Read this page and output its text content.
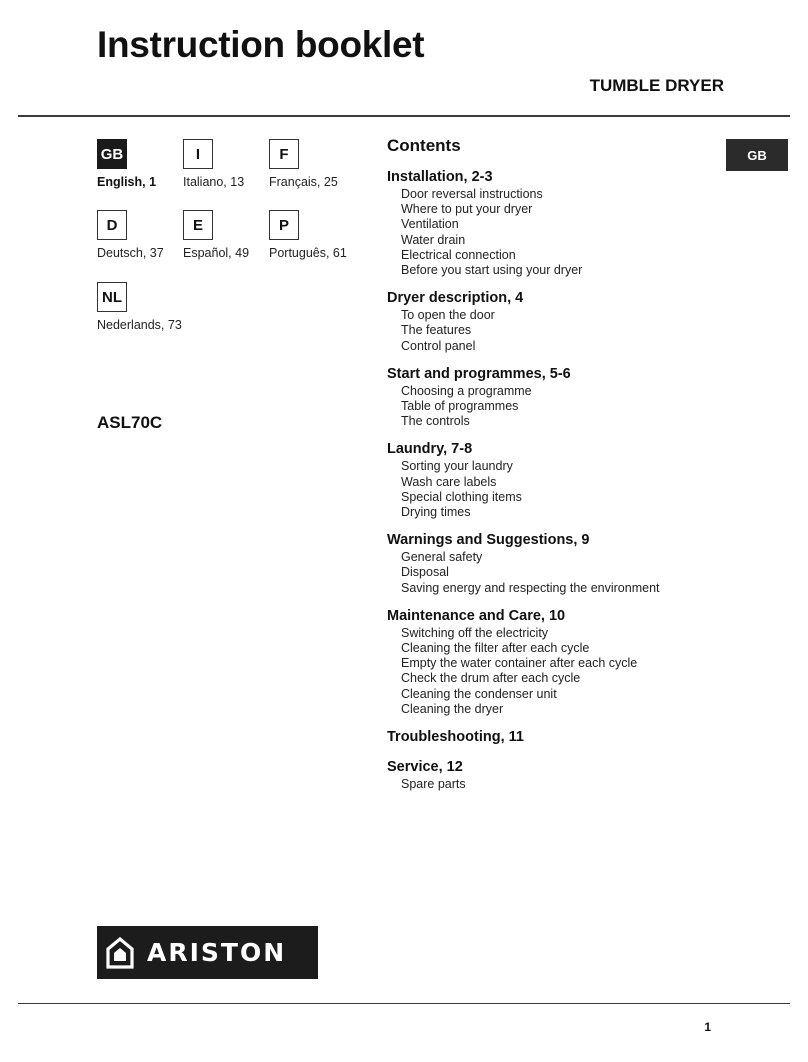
Instruction booklet
TUMBLE DRYER
GB
English, 1
I
Italiano, 13
F
Français, 25
D
Deutsch, 37
E
Español, 49
P
Português, 61
NL
Nederlands, 73
ASL70C
Contents
Installation, 2-3
Door reversal instructions
Where to put your dryer
Ventilation
Water drain
Electrical connection
Before you start using your dryer
Dryer description, 4
To open the door
The features
Control panel
Start and programmes, 5-6
Choosing a programme
Table of programmes
The controls
Laundry, 7-8
Sorting your laundry
Wash care labels
Special clothing items
Drying times
Warnings and Suggestions, 9
General safety
Disposal
Saving energy and respecting the environment
Maintenance and Care, 10
Switching off the electricity
Cleaning the filter after each cycle
Empty the water container after each cycle
Check the drum after each cycle
Cleaning the condenser unit
Cleaning the dryer
Troubleshooting, 11
Service, 12
Spare parts
GB
ARISTON
1
